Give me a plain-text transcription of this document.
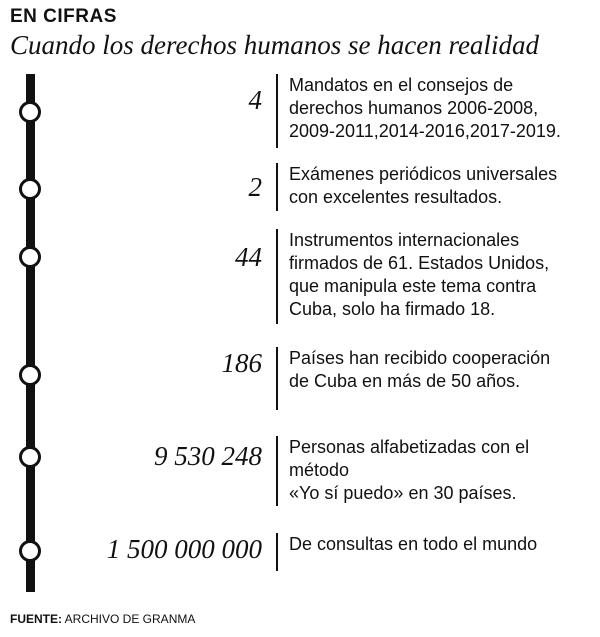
EN CIFRAS
Cuando los derechos humanos se hacen realidad
4 Mandatos en el consejos de
derechos humanos 2006-2008,
2009-2011,2014-2016,2017-2019.
2 Exámenes periódicos universales
con excelentes resultados.
44
Instrumentos internacionales
firmados de 61. Estados Unidos,
que manipula este tema contra
Cuba, solo ha firmado 18.
186 Países han recibido cooperación
de Cuba en más de 50 años.
9 530 248 Personas alfabetizadas con el
método
«Yo sí puedo» en 30 países.
1 500 000 000 De consultas en todo el mundo
FUENTE: ARCHIVO DE GRANMA
